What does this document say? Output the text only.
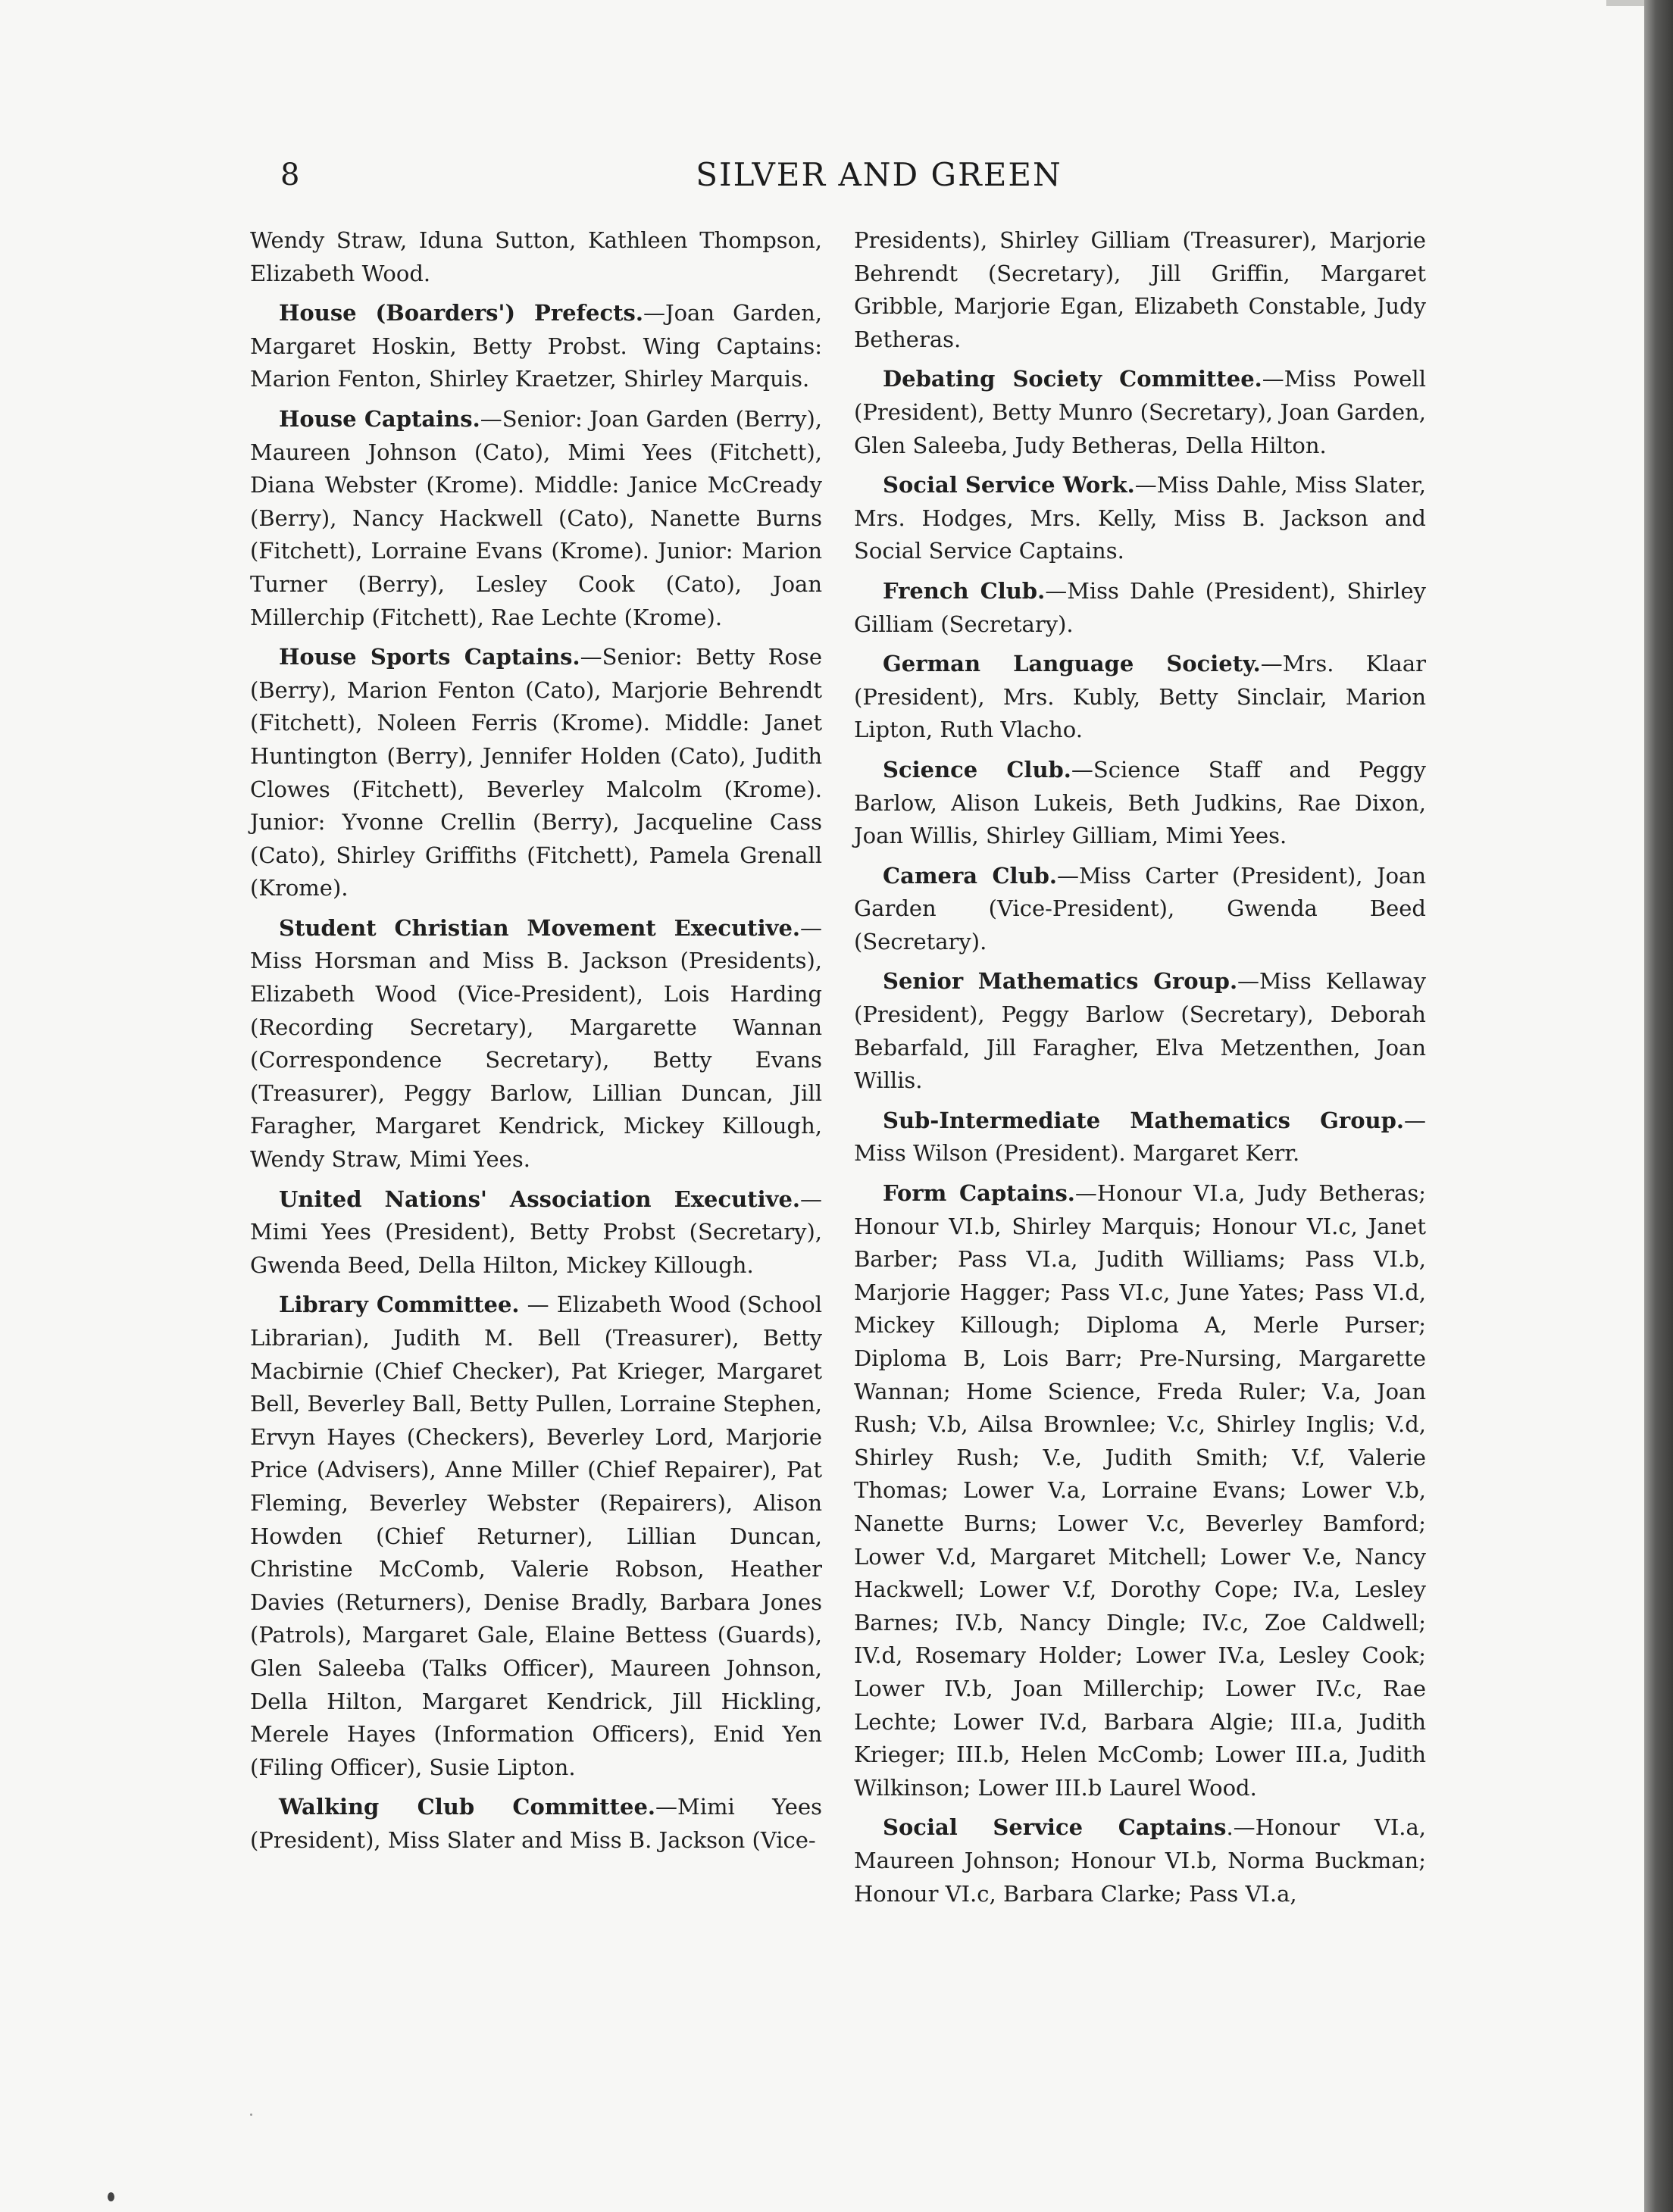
8	SILVER AND GREEN

Wendy Straw, Iduna Sutton, Kathleen Thompson, Elizabeth Wood.

House (Boarders') Prefects.—Joan Garden, Margaret Hoskin, Betty Probst. Wing Captains: Marion Fenton, Shirley Kraetzer, Shirley Marquis.

House Captains.—Senior: Joan Garden (Berry), Maureen Johnson (Cato), Mimi Yees (Fitchett), Diana Webster (Krome). Middle: Janice McCready (Berry), Nancy Hackwell (Cato), Nanette Burns (Fitchett), Lorraine Evans (Krome). Junior: Marion Turner (Berry), Lesley Cook (Cato), Joan Millerchip (Fitchett), Rae Lechte (Krome).

House Sports Captains.—Senior: Betty Rose (Berry), Marion Fenton (Cato), Marjorie Behrendt (Fitchett), Noleen Ferris (Krome). Middle: Janet Huntington (Berry), Jennifer Holden (Cato), Judith Clowes (Fitchett), Beverley Malcolm (Krome). Junior: Yvonne Crellin (Berry), Jacqueline Cass (Cato), Shirley Griffiths (Fitchett), Pamela Grenall (Krome).

Student Christian Movement Executive.—Miss Horsman and Miss B. Jackson (Presidents), Elizabeth Wood (Vice-President), Lois Harding (Recording Secretary), Margarette Wannan (Correspondence Secretary), Betty Evans (Treasurer), Peggy Barlow, Lillian Duncan, Jill Faragher, Margaret Kendrick, Mickey Killough, Wendy Straw, Mimi Yees.

United Nations' Association Executive.—Mimi Yees (President), Betty Probst (Secretary), Gwenda Beed, Della Hilton, Mickey Killough.

Library Committee. — Elizabeth Wood (School Librarian), Judith M. Bell (Treasurer), Betty Macbirnie (Chief Checker), Pat Krieger, Margaret Bell, Beverley Ball, Betty Pullen, Lorraine Stephen, Ervyn Hayes (Checkers), Beverley Lord, Marjorie Price (Advisers), Anne Miller (Chief Repairer), Pat Fleming, Beverley Webster (Repairers), Alison Howden (Chief Returner), Lillian Duncan, Christine McComb, Valerie Robson, Heather Davies (Returners), Denise Bradly, Barbara Jones (Patrols), Margaret Gale, Elaine Bettess (Guards), Glen Saleeba (Talks Officer), Maureen Johnson, Della Hilton, Margaret Kendrick, Jill Hickling, Merele Hayes (Information Officers), Enid Yen (Filing Officer), Susie Lipton.

Walking Club Committee.—Mimi Yees (President), Miss Slater and Miss B. Jackson (Vice-

Presidents), Shirley Gilliam (Treasurer), Marjorie Behrendt (Secretary), Jill Griffin, Margaret Gribble, Marjorie Egan, Elizabeth Constable, Judy Betheras.

Debating Society Committee.—Miss Powell (President), Betty Munro (Secretary), Joan Garden, Glen Saleeba, Judy Betheras, Della Hilton.

Social Service Work.—Miss Dahle, Miss Slater, Mrs. Hodges, Mrs. Kelly, Miss B. Jackson and Social Service Captains.

French Club.—Miss Dahle (President), Shirley Gilliam (Secretary).

German Language Society.—Mrs. Klaar (President), Mrs. Kubly, Betty Sinclair, Marion Lipton, Ruth Vlacho.

Science Club.—Science Staff and Peggy Barlow, Alison Lukeis, Beth Judkins, Rae Dixon, Joan Willis, Shirley Gilliam, Mimi Yees.

Camera Club.—Miss Carter (President), Joan Garden (Vice-President), Gwenda Beed (Secretary).

Senior Mathematics Group.—Miss Kellaway (President), Peggy Barlow (Secretary), Deborah Bebarfald, Jill Faragher, Elva Metzenthen, Joan Willis.

Sub-Intermediate Mathematics Group.—Miss Wilson (President). Margaret Kerr.

Form Captains.—Honour VI.a, Judy Betheras; Honour VI.b, Shirley Marquis; Honour VI.c, Janet Barber; Pass VI.a, Judith Williams; Pass VI.b, Marjorie Hagger; Pass VI.c, June Yates; Pass VI.d, Mickey Killough; Diploma A, Merle Purser; Diploma B, Lois Barr; Pre-Nursing, Margarette Wannan; Home Science, Freda Ruler; V.a, Joan Rush; V.b, Ailsa Brownlee; V.c, Shirley Inglis; V.d, Shirley Rush; V.e, Judith Smith; V.f, Valerie Thomas; Lower V.a, Lorraine Evans; Lower V.b, Nanette Burns; Lower V.c, Beverley Bamford; Lower V.d, Margaret Mitchell; Lower V.e, Nancy Hackwell; Lower V.f, Dorothy Cope; IV.a, Lesley Barnes; IV.b, Nancy Dingle; IV.c, Zoe Caldwell; IV.d, Rosemary Holder; Lower IV.a, Lesley Cook; Lower IV.b, Joan Millerchip; Lower IV.c, Rae Lechte; Lower IV.d, Barbara Algie; III.a, Judith Krieger; III.b, Helen McComb; Lower III.a, Judith Wilkinson; Lower III.b Laurel Wood.

Social Service Captains.—Honour VI.a, Maureen Johnson; Honour VI.b, Norma Buckman; Honour VI.c, Barbara Clarke; Pass VI.a,
